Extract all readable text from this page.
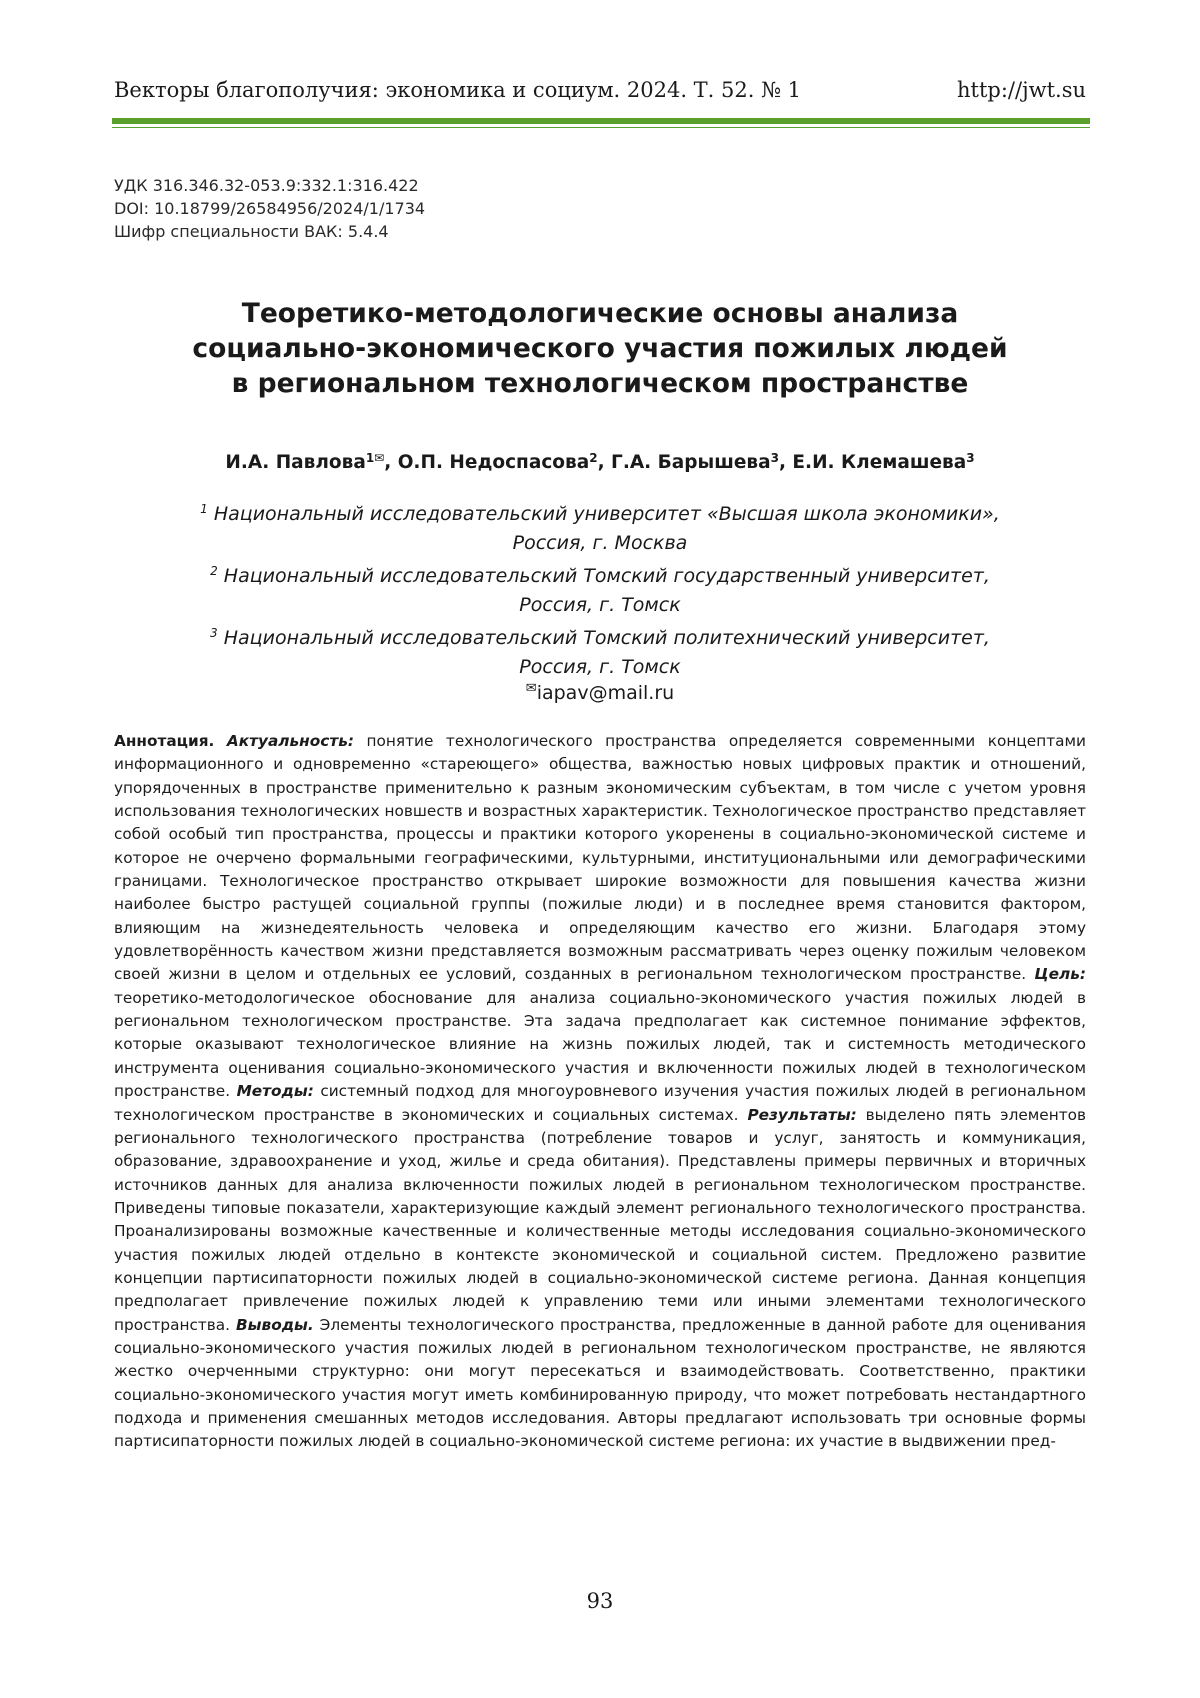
Векторы благополучия: экономика и социум. 2024. Т. 52. № 1	http://jwt.su
УДК 316.346.32-053.9:332.1:316.422
DOI: 10.18799/26584956/2024/1/1734
Шифр специальности ВАК: 5.4.4
Теоретико-методологические основы анализа
социально-экономического участия пожилых людей
в региональном технологическом пространстве
И.А. Павлова$^{1✉}$, О.П. Недоспасова$^2$, Г.А. Барышева$^3$, Е.И. Клемашева$^3$
$^1$ Национальный исследовательский университет «Высшая школа экономики»,
Россия, г. Москва
$^2$ Национальный исследовательский Томский государственный университет,
Россия, г. Томск
$^3$ Национальный исследовательский Томский политехнический университет,
Россия, г. Томск
✉iapav@mail.ru
Аннотация. Актуальность: понятие технологического пространства определяется современными концептами информационного и одновременно «стареющего» общества, важностью новых цифровых практик и отношений, упорядоченных в пространстве применительно к разным экономическим субъектам, в том числе с учетом уровня использования технологических новшеств и возрастных характеристик. Технологическое пространство представляет собой особый тип пространства, процессы и практики которого укоренены в социально-экономической системе и которое не очерчено формальными географическими, культурными, институциональными или демографическими границами. Технологическое пространство открывает широкие возможности для повышения качества жизни наиболее быстро растущей социальной группы (пожилые люди) и в последнее время становится фактором, влияющим на жизнедеятельность человека и определяющим качество его жизни. Благодаря этому удовлетворённость качеством жизни представляется возможным рассматривать через оценку пожилым человеком своей жизни в целом и отдельных ее условий, созданных в региональном технологическом пространстве. Цель: теоретико-методологическое обоснование для анализа социально-экономического участия пожилых людей в региональном технологическом пространстве. Эта задача предполагает как системное понимание эффектов, которые оказывают технологическое влияние на жизнь пожилых людей, так и системность методического инструмента оценивания социально-экономического участия и включенности пожилых людей в технологическом пространстве. Методы: системный подход для многоуровневого изучения участия пожилых людей в региональном технологическом пространстве в экономических и социальных системах. Результаты: выделено пять элементов регионального технологического пространства (потребление товаров и услуг, занятость и коммуникация, образование, здравоохранение и уход, жилье и среда обитания). Представлены примеры первичных и вторичных источников данных для анализа включенности пожилых людей в региональном технологическом пространстве. Приведены типовые показатели, характеризующие каждый элемент регионального технологического пространства. Проанализированы возможные качественные и количественные методы исследования социально-экономического участия пожилых людей отдельно в контексте экономической и социальной систем. Предложено развитие концепции партисипаторности пожилых людей в социально-экономической системе региона. Данная концепция предполагает привлечение пожилых людей к управлению теми или иными элементами технологического пространства. Выводы. Элементы технологического пространства, предложенные в данной работе для оценивания социально-экономического участия пожилых людей в региональном технологическом пространстве, не являются жестко очерченными структурно: они могут пересекаться и взаимодействовать. Соответственно, практики социально-экономического участия могут иметь комбинированную природу, что может потребовать нестандартного подхода и применения смешанных методов исследования. Авторы предлагают использовать три основные формы партисипаторности пожилых людей в социально-экономической системе региона: их участие в выдвижении пред-
93
